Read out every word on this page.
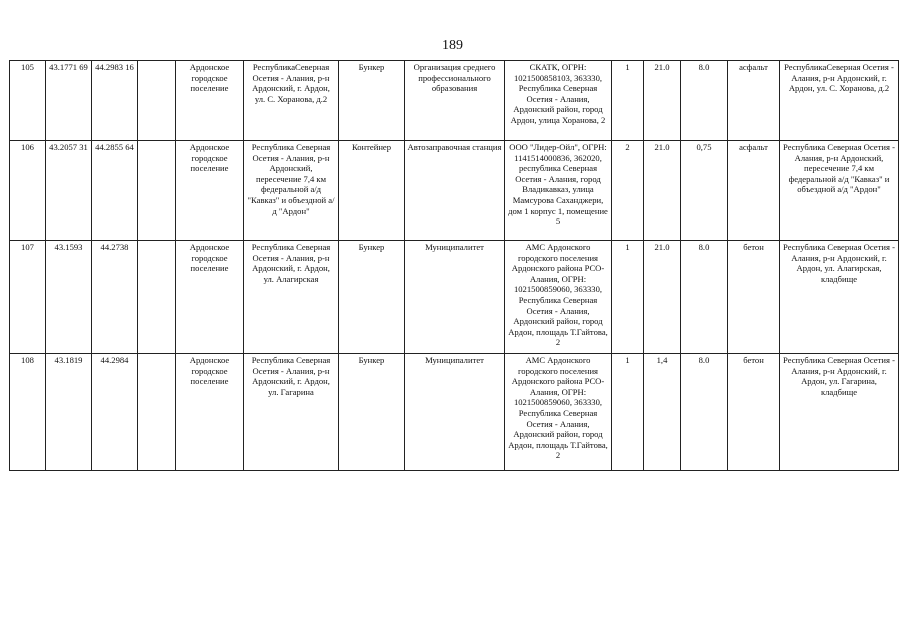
189
105	43.1771 69	44.2983 16		Ардонское городское поселение	РеспубликаСеверная Осетия - Алания, р-н Ардонский, г. Ардон, ул. С. Хоранова, д.2	Бункер	Организация среднего профессионального образования	СКАТК, ОГРН: 1021500858103, 363330, Республика Северная Осетия - Алания, Ардонский район, город Ардон, улица Хоранова, 2	1	21.0	8.0	асфальт	РеспубликаСеверная Осетия - Алания, р-н Ардонский, г. Ардон, ул. С. Хоранова, д.2
106	43.2057 31	44.2855 64		Ардонское городское поселение	Республика Северная Осетия - Алания, р-н Ардонский, пересечение 7,4 км федеральной а/д "Кавказ" и объездной а/д "Ардон"	Контейнер	Автозаправочная станция	ООО "Лидер-Ойл", ОГРН: 1141514000836, 362020, республика Северная Осетия - Алания, город Владикавказ, улица Мамсурова Саханджери, дом 1 корпус 1, помещение 5	2	21.0	0,75	асфальт	Республика Северная Осетия - Алания, р-н Ардонский, пересечение 7,4 км федеральной а/д "Кавказ" и объездной а/д "Ардон"
107	43.1593	44.2738		Ардонское городское поселение	Республика Северная Осетия - Алания, р-н Ардонский, г. Ардон, ул. Алагирская	Бункер	Муниципалитет	АМС Ардонского городского поселения Ардонского района РСО-Алания, ОГРН: 1021500859060, 363330, Республика Северная Осетия - Алания, Ардонский район, город Ардон, площадь Т.Гайтова, 2	1	21.0	8.0	бетон	Республика Северная Осетия - Алания, р-н Ардонский, г. Ардон, ул. Алагирская, кладбище
108	43.1819	44.2984		Ардонское городское поселение	Республика Северная Осетия - Алания, р-н Ардонский, г. Ардон, ул. Гагарина	Бункер	Муниципалитет	АМС Ардонского городского поселения Ардонского района РСО-Алания, ОГРН: 1021500859060, 363330, Республика Северная Осетия - Алания, Ардонский район, город Ардон, площадь Т.Гайтова, 2	1	1,4	8.0	бетон	Республика Северная Осетия - Алания, р-н Ардонский, г. Ардон, ул. Гагарина, кладбище
